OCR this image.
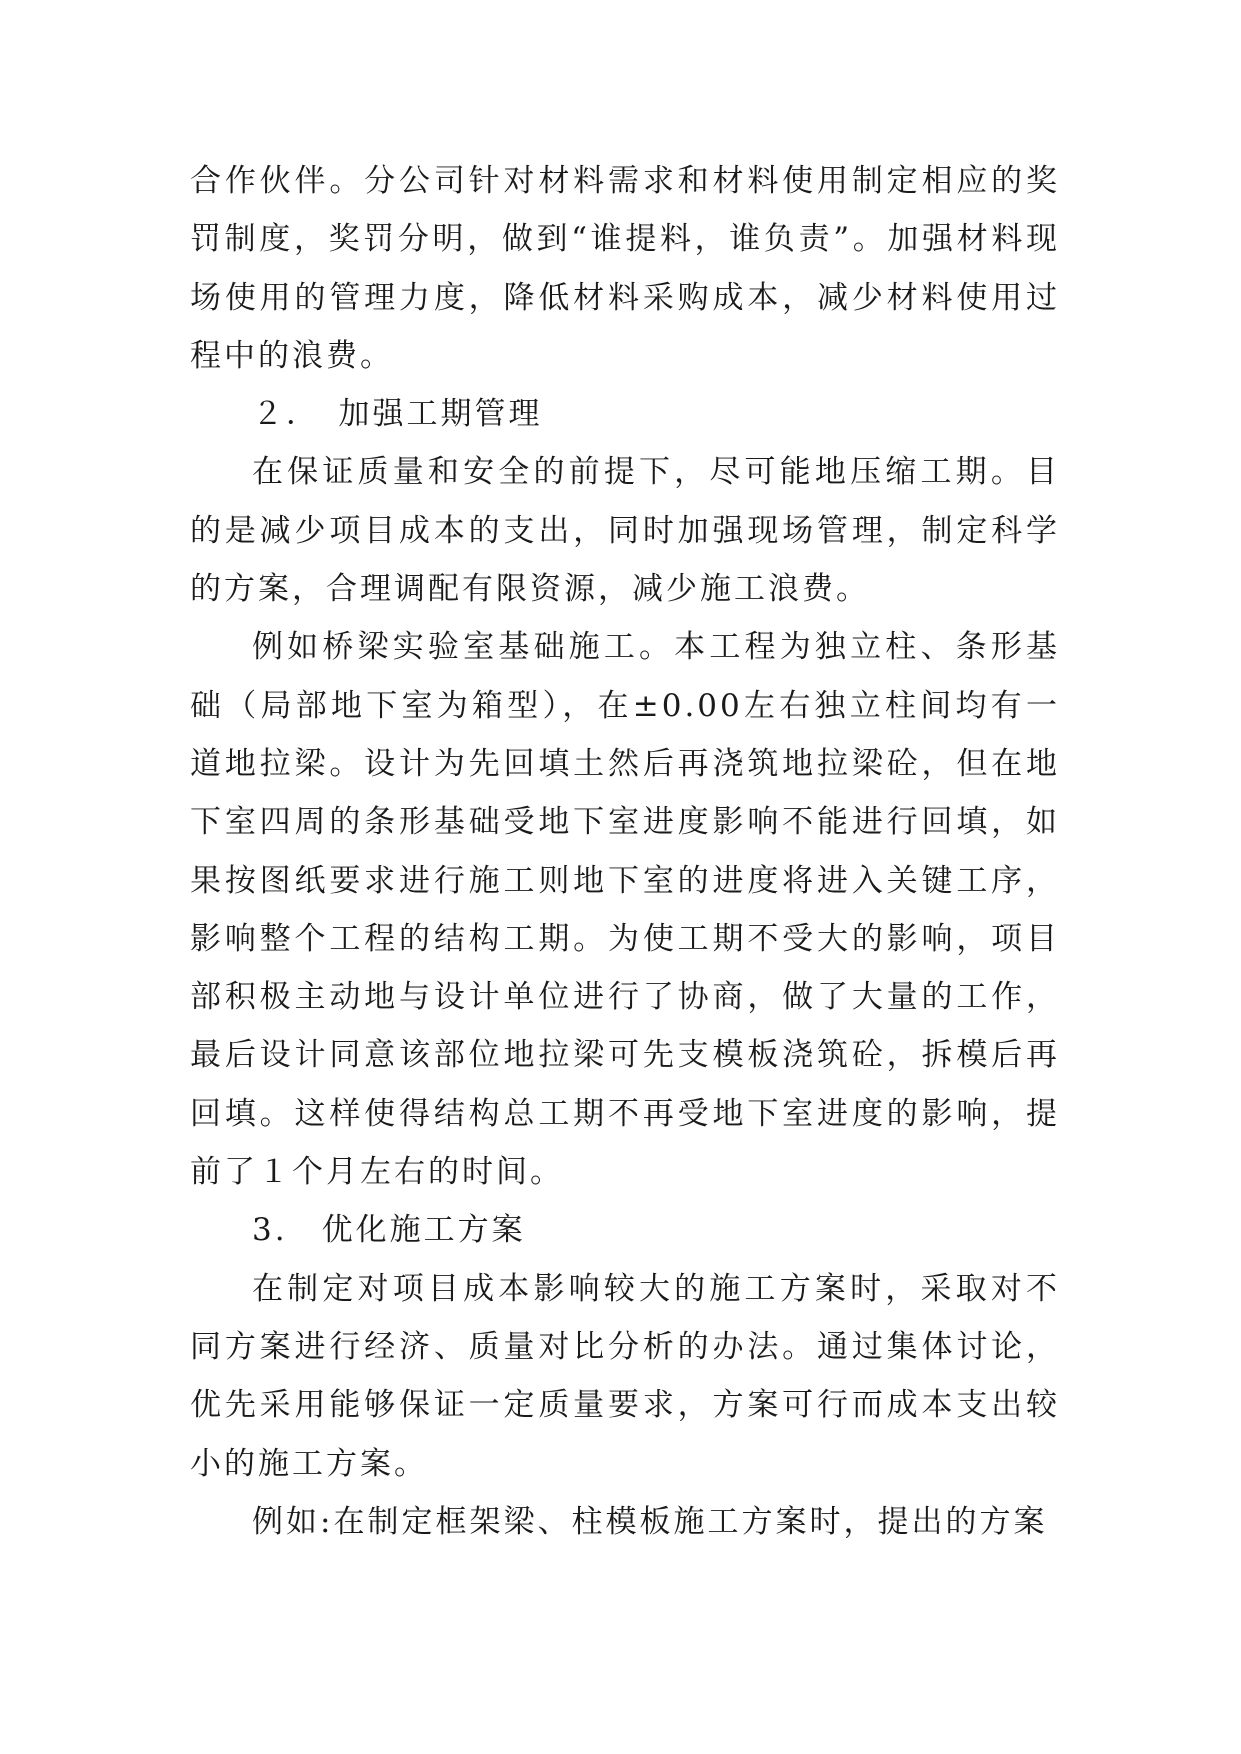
合作伙伴。分公司针对材料需求和材料使用制定相应的奖罚制度，奖罚分明，做到“谁提料，谁负责”。加强材料现场使用的管理力度，降低材料采购成本，减少材料使用过程中的浪费。

２．　加强工期管理

在保证质量和安全的前提下，尽可能地压缩工期。目的是减少项目成本的支出，同时加强现场管理，制定科学的方案，合理调配有限资源，减少施工浪费。

例如桥梁实验室基础施工。本工程为独立柱、条形基础（局部地下室为箱型），在±0.00左右独立柱间均有一道地拉梁。设计为先回填土然后再浇筑地拉梁砼，但在地下室四周的条形基础受地下室进度影响不能进行回填，如果按图纸要求进行施工则地下室的进度将进入关键工序，影响整个工程的结构工期。为使工期不受大的影响，项目部积极主动地与设计单位进行了协商，做了大量的工作，最后设计同意该部位地拉梁可先支模板浇筑砼，拆模后再回填。这样使得结构总工期不再受地下室进度的影响，提前了１个月左右的时间。

3.　优化施工方案

在制定对项目成本影响较大的施工方案时，采取对不同方案进行经济、质量对比分析的办法。通过集体讨论，优先采用能够保证一定质量要求，方案可行而成本支出较小的施工方案。

例如:在制定框架梁、柱模板施工方案时，提出的方案
